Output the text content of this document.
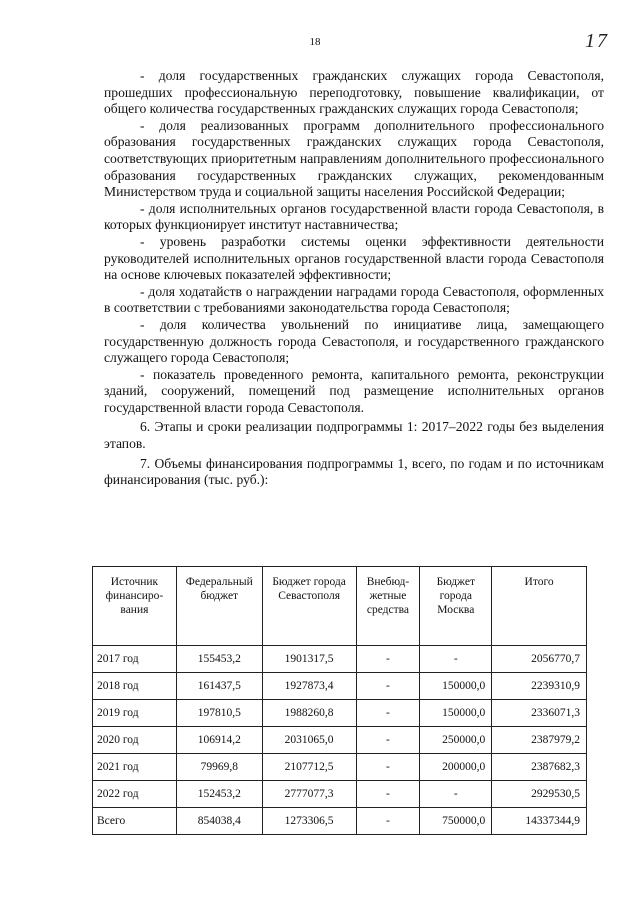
18	17

- доля государственных гражданских служащих города Севастополя, прошедших профессиональную переподготовку, повышение квалификации, от общего количества государственных гражданских служащих города Севастополя;

- доля реализованных программ дополнительного профессионального образования государственных гражданских служащих города Севастополя, соответствующих приоритетным направлениям дополнительного профессионального образования государственных гражданских служащих, рекомендованным Министерством труда и социальной защиты населения Российской Федерации;

- доля исполнительных органов государственной власти города Севастополя, в которых функционирует институт наставничества;

- уровень разработки системы оценки эффективности деятельности руководителей исполнительных органов государственной власти города Севастополя на основе ключевых показателей эффективности;

- доля ходатайств о награждении наградами города Севастополя, оформленных в соответствии с требованиями законодательства города Севастополя;

- доля количества увольнений по инициативе лица, замещающего государственную должность города Севастополя, и государственного гражданского служащего города Севастополя;

- показатель проведенного ремонта, капитального ремонта, реконструкции зданий, сооружений, помещений под размещение исполнительных органов государственной власти города Севастополя.

6. Этапы и сроки реализации подпрограммы 1: 2017–2022 годы без выделения этапов.

7. Объемы финансирования подпрограммы 1, всего, по годам и по источникам финансирования (тыс. руб.):

Источник финансиро-вания	Федеральный бюджет	Бюджет города Севастополя	Внебюд-жетные средства	Бюджет города Москва	Итого
2017 год	155453,2	1901317,5	-	-	2056770,7
2018 год	161437,5	1927873,4	-	150000,0	2239310,9
2019 год	197810,5	1988260,8	-	150000,0	2336071,3
2020 год	106914,2	2031065,0	-	250000,0	2387979,2
2021 год	79969,8	2107712,5	-	200000,0	2387682,3
2022 год	152453,2	2777077,3	-	-	2929530,5
Всего	854038,4	1273306,5	-	750000,0	14337344,9
